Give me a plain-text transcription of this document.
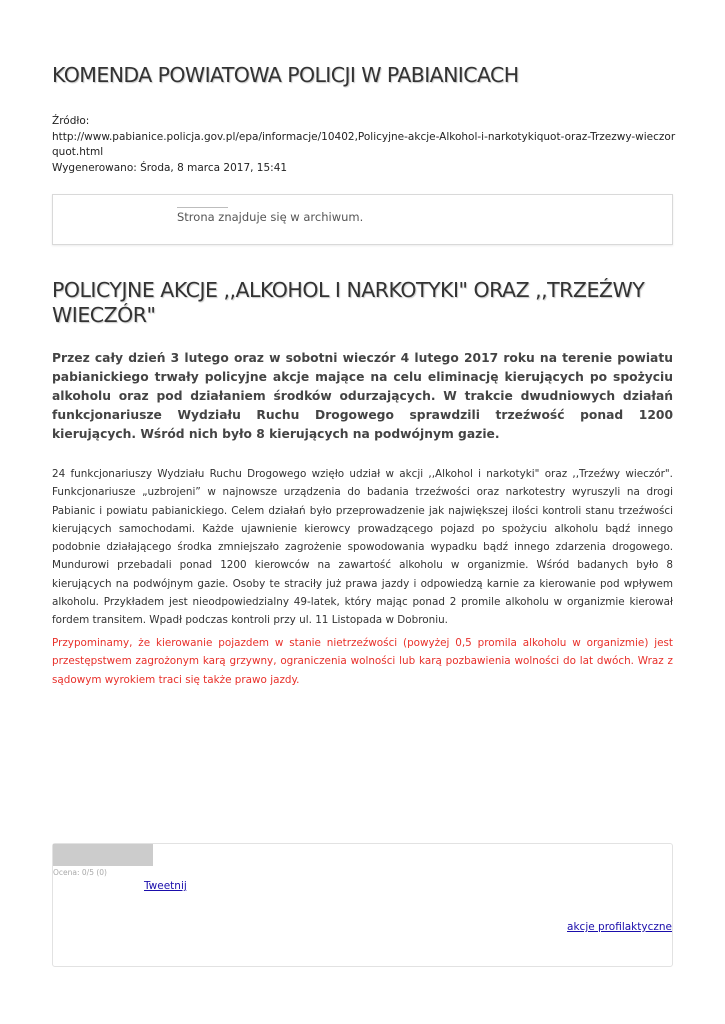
KOMENDA POWIATOWA POLICJI W PABIANICACH
Źródło:
http://www.pabianice.policja.gov.pl/epa/informacje/10402,Policyjne-akcje-Alkohol-i-narkotykiquot-oraz-Trzezwy-wieczorquot.html
Wygenerowano: Środa, 8 marca 2017, 15:41
Strona znajduje się w archiwum.
POLICYJNE AKCJE ,,ALKOHOL I NARKOTYKI" ORAZ ,,TRZEŹWY WIECZÓR"

Przez cały dzień 3 lutego oraz w sobotni wieczór 4 lutego 2017 roku na terenie powiatu pabianickiego trwały policyjne akcje mające na celu eliminację kierujących po spożyciu alkoholu oraz pod działaniem środków odurzających. W trakcie dwudniowych działań funkcjonariusze Wydziału Ruchu Drogowego sprawdzili trzeźwość ponad 1200 kierujących. Wśród nich było 8 kierujących na podwójnym gazie.

24 funkcjonariuszy Wydziału Ruchu Drogowego wzięło udział w akcji ,,Alkohol i narkotyki" oraz ,,Trzeźwy wieczór". Funkcjonariusze „uzbrojeni” w najnowsze urządzenia do badania trzeźwości oraz narkotestry wyruszyli na drogi Pabianic i powiatu pabianickiego. Celem działań było przeprowadzenie jak największej ilości kontroli stanu trzeźwości kierujących samochodami. Każde ujawnienie kierowcy prowadzącego pojazd po spożyciu alkoholu bądź innego podobnie działającego środka zmniejszało zagrożenie spowodowania wypadku bądź innego zdarzenia drogowego. Mundurowi przebadali ponad 1200 kierowców na zawartość alkoholu w organizmie. Wśród badanych było 8 kierujących na podwójnym gazie. Osoby te straciły już prawa jazdy i odpowiedzą karnie za kierowanie pod wpływem alkoholu. Przykładem jest nieodpowiedzialny 49-latek, który mając ponad 2 promile alkoholu w organizmie kierował fordem transitem. Wpadł podczas kontroli przy ul. 11 Listopada w Dobroniu.

Przypominamy, że kierowanie pojazdem w stanie nietrzeźwości (powyżej 0,5 promila alkoholu w organizmie) jest przestępstwem zagrożonym karą grzywny, ograniczenia wolności lub karą pozbawienia wolności do lat dwóch. Wraz z sądowym wyrokiem traci się także prawo jazdy.

Ocena: 0/5 (0)
Tweetnij
akcje profilaktyczne
